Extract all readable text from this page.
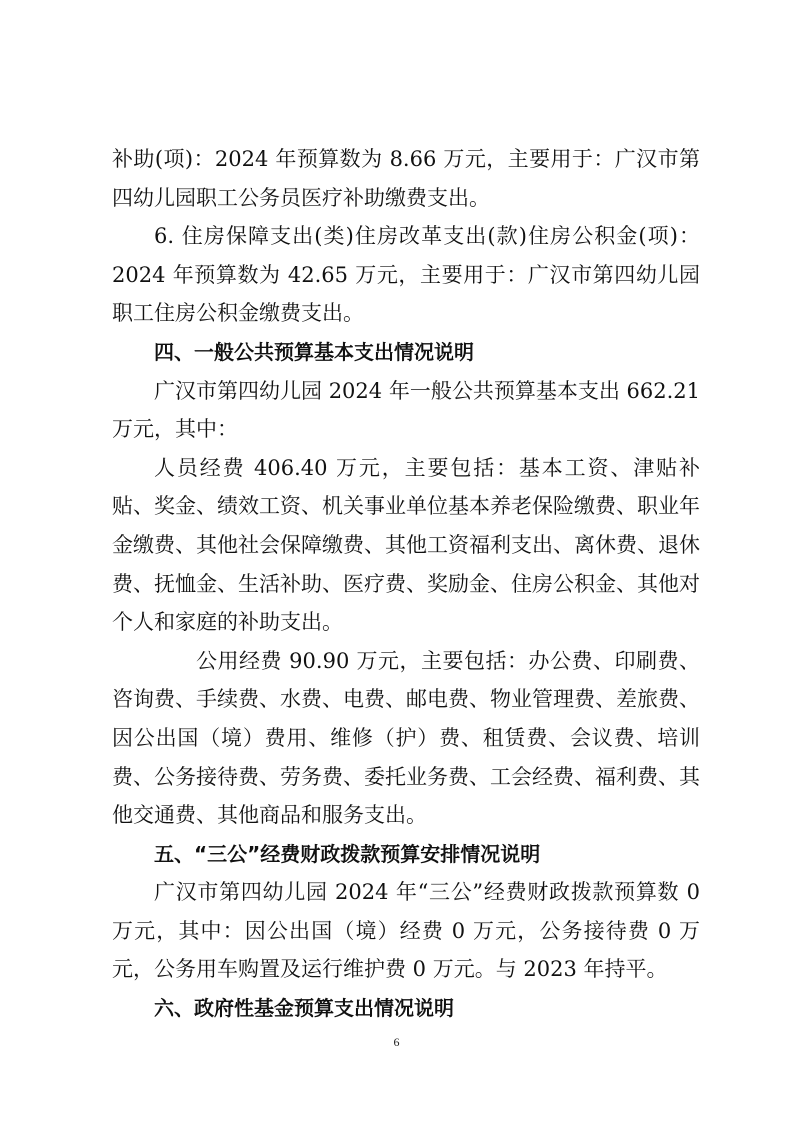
补助(项)：2024 年预算数为 8.66 万元，主要用于：广汉市第四幼儿园职工公务员医疗补助缴费支出。

6. 住房保障支出(类)住房改革支出(款)住房公积金(项)：2024 年预算数为 42.65 万元，主要用于：广汉市第四幼儿园职工住房公积金缴费支出。

四、一般公共预算基本支出情况说明

广汉市第四幼儿园 2024 年一般公共预算基本支出 662.21 万元，其中：

人员经费 406.40 万元，主要包括：基本工资、津贴补贴、奖金、绩效工资、机关事业单位基本养老保险缴费、职业年金缴费、其他社会保障缴费、其他工资福利支出、离休费、退休费、抚恤金、生活补助、医疗费、奖励金、住房公积金、其他对个人和家庭的补助支出。

公用经费 90.90 万元，主要包括：办公费、印刷费、咨询费、手续费、水费、电费、邮电费、物业管理费、差旅费、因公出国（境）费用、维修（护）费、租赁费、会议费、培训费、公务接待费、劳务费、委托业务费、工会经费、福利费、其他交通费、其他商品和服务支出。

五、“三公”经费财政拨款预算安排情况说明

广汉市第四幼儿园 2024 年“三公”经费财政拨款预算数 0 万元，其中：因公出国（境）经费 0 万元，公务接待费 0 万元，公务用车购置及运行维护费 0 万元。与 2023 年持平。

六、政府性基金预算支出情况说明

6
